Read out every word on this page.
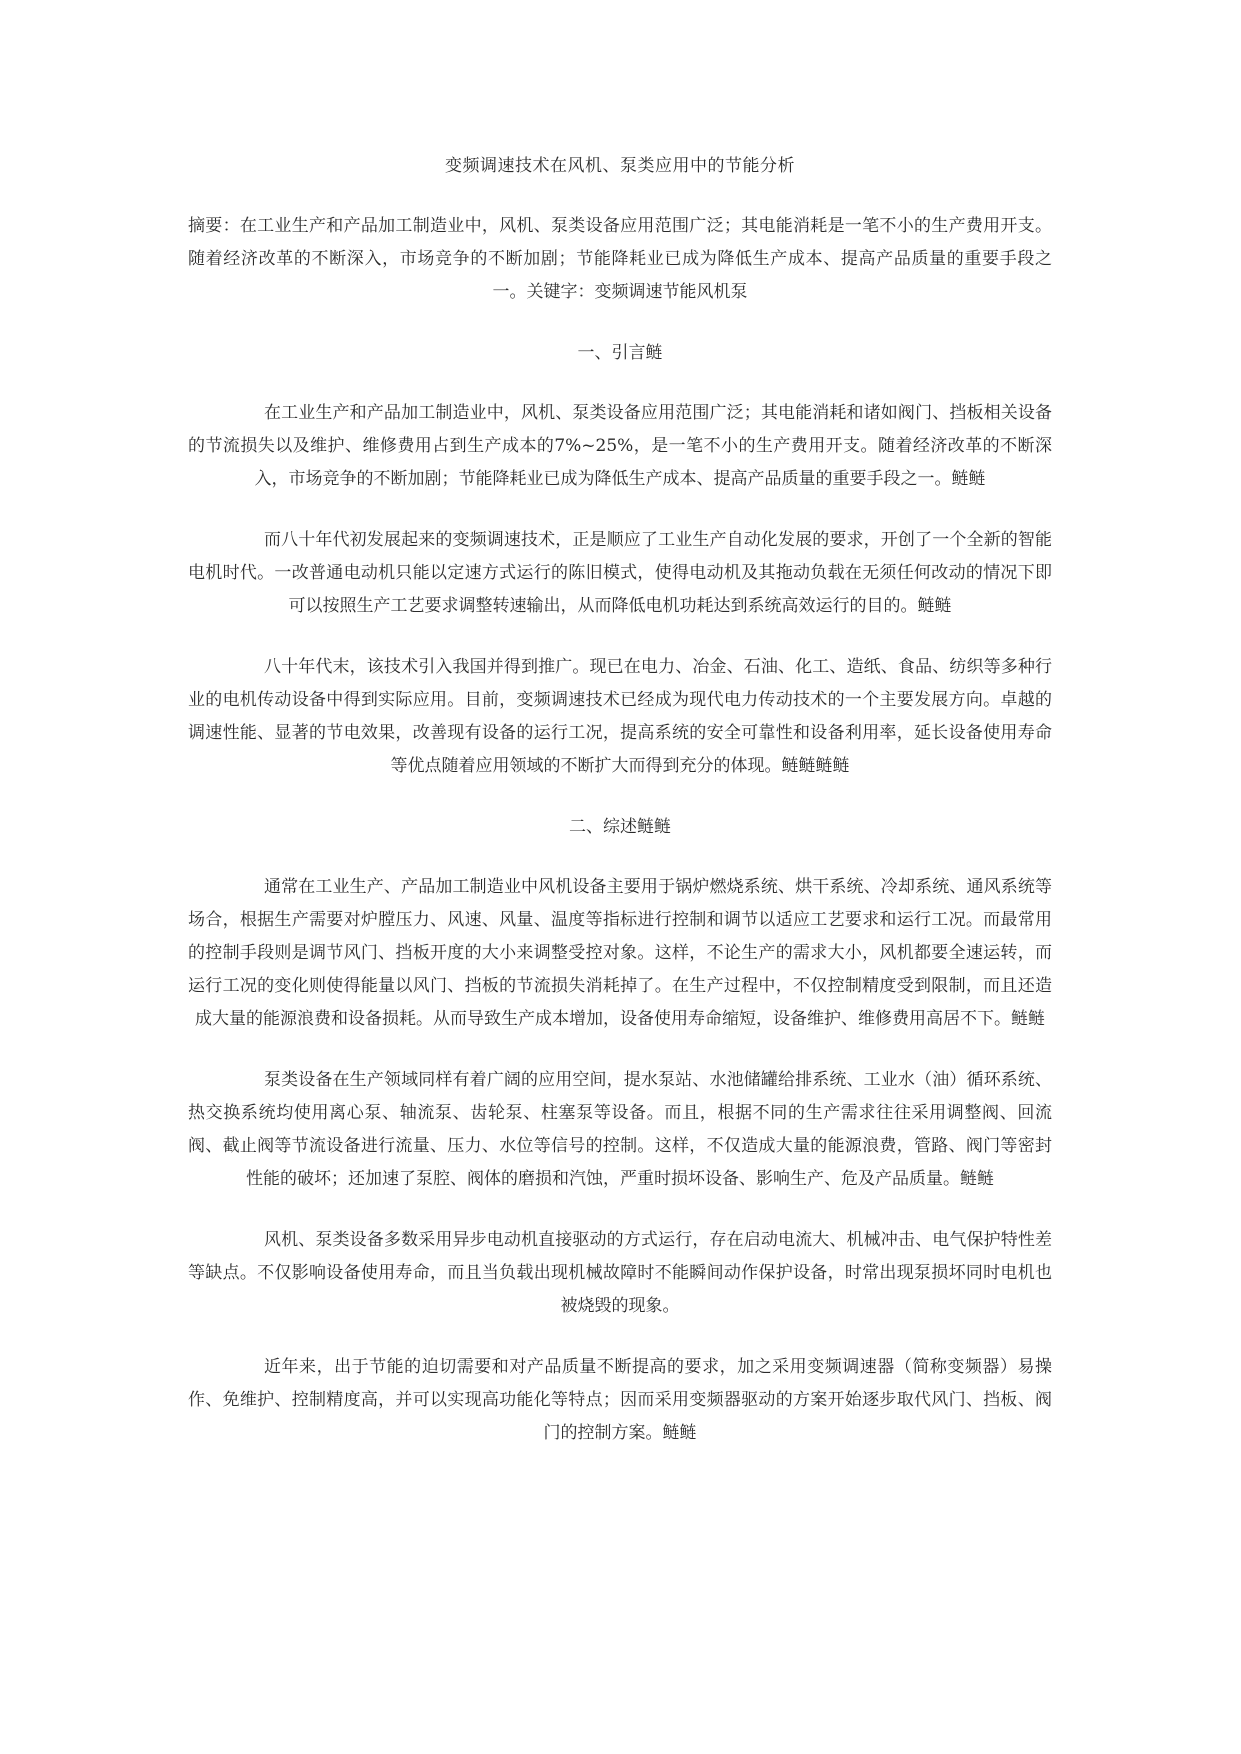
变频调速技术在风机、泵类应用中的节能分析
摘要：在工业生产和产品加工制造业中，风机、泵类设备应用范围广泛；其电能消耗是一笔不小的生产费用开支。随着经济改革的不断深入，市场竞争的不断加剧；节能降耗业已成为降低生产成本、提高产品质量的重要手段之一。关键字：变频调速节能风机泵
一、引言鲢
在工业生产和产品加工制造业中，风机、泵类设备应用范围广泛；其电能消耗和诸如阀门、挡板相关设备的节流损失以及维护、维修费用占到生产成本的7%~25%，是一笔不小的生产费用开支。随着经济改革的不断深入，市场竞争的不断加剧；节能降耗业已成为降低生产成本、提高产品质量的重要手段之一。鲢鲢
而八十年代初发展起来的变频调速技术，正是顺应了工业生产自动化发展的要求，开创了一个全新的智能电机时代。一改普通电动机只能以定速方式运行的陈旧模式，使得电动机及其拖动负载在无须任何改动的情况下即可以按照生产工艺要求调整转速输出，从而降低电机功耗达到系统高效运行的目的。鲢鲢
八十年代末，该技术引入我国并得到推广。现已在电力、冶金、石油、化工、造纸、食品、纺织等多种行业的电机传动设备中得到实际应用。目前，变频调速技术已经成为现代电力传动技术的一个主要发展方向。卓越的调速性能、显著的节电效果，改善现有设备的运行工况，提高系统的安全可靠性和设备利用率，延长设备使用寿命等优点随着应用领域的不断扩大而得到充分的体现。鲢鲢鲢鲢
二、综述鲢鲢
通常在工业生产、产品加工制造业中风机设备主要用于锅炉燃烧系统、烘干系统、冷却系统、通风系统等场合，根据生产需要对炉膛压力、风速、风量、温度等指标进行控制和调节以适应工艺要求和运行工况。而最常用的控制手段则是调节风门、挡板开度的大小来调整受控对象。这样，不论生产的需求大小，风机都要全速运转，而运行工况的变化则使得能量以风门、挡板的节流损失消耗掉了。在生产过程中，不仅控制精度受到限制，而且还造成大量的能源浪费和设备损耗。从而导致生产成本增加，设备使用寿命缩短，设备维护、维修费用高居不下。鲢鲢
泵类设备在生产领域同样有着广阔的应用空间，提水泵站、水池储罐给排系统、工业水（油）循环系统、热交换系统均使用离心泵、轴流泵、齿轮泵、柱塞泵等设备。而且，根据不同的生产需求往往采用调整阀、回流阀、截止阀等节流设备进行流量、压力、水位等信号的控制。这样，不仅造成大量的能源浪费，管路、阀门等密封性能的破坏；还加速了泵腔、阀体的磨损和汽蚀，严重时损坏设备、影响生产、危及产品质量。鲢鲢
风机、泵类设备多数采用异步电动机直接驱动的方式运行，存在启动电流大、机械冲击、电气保护特性差等缺点。不仅影响设备使用寿命，而且当负载出现机械故障时不能瞬间动作保护设备，时常出现泵损坏同时电机也被烧毁的现象。
近年来，出于节能的迫切需要和对产品质量不断提高的要求，加之采用变频调速器（简称变频器）易操作、免维护、控制精度高，并可以实现高功能化等特点；因而采用变频器驱动的方案开始逐步取代风门、挡板、阀门的控制方案。鲢鲢
